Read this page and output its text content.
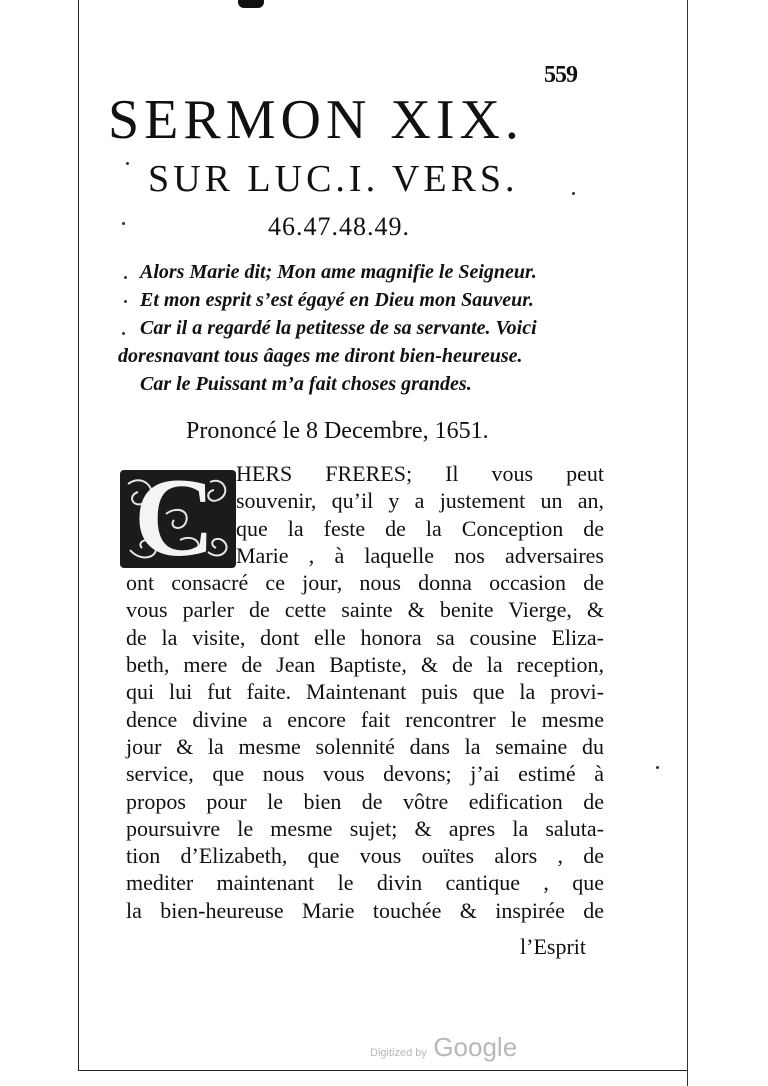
559
SERMON XIX.
SUR LUC.I. VERS.
46.47.48.49.
Alors Marie dit; Mon ame magnifie le Seigneur.
Et mon esprit s’est égayé en Dieu mon Sauveur.
Car il a regardé la petitesse de sa servante. Voici
doresnavant tous âages me diront bien-heureuse.
Car le Puissant m’a fait choses grandes.
Prononcé le 8 Decembre, 1651.
C HERS FRERES; Il vous peut
souvenir, qu’il y a justement un an,
que la feste de la Conception de
Marie , à laquelle nos adversaires
ont consacré ce jour, nous donna occasion de
vous parler de cette sainte & benite Vierge, &
de la visite, dont elle honora sa cousine Eliza-
beth, mere de Jean Baptiste, & de la reception,
qui lui fut faite. Maintenant puis que la provi-
dence divine a encore fait rencontrer le mesme
jour & la mesme solennité dans la semaine du
service, que nous vous devons; j’ai estimé à
propos pour le bien de vôtre edification de
poursuivre le mesme sujet; & apres la saluta-
tion d’Elizabeth, que vous ouïtes alors , de
mediter maintenant le divin cantique , que
la bien-heureuse Marie touchée & inspirée de
l’Esprit
Digitized by Google
